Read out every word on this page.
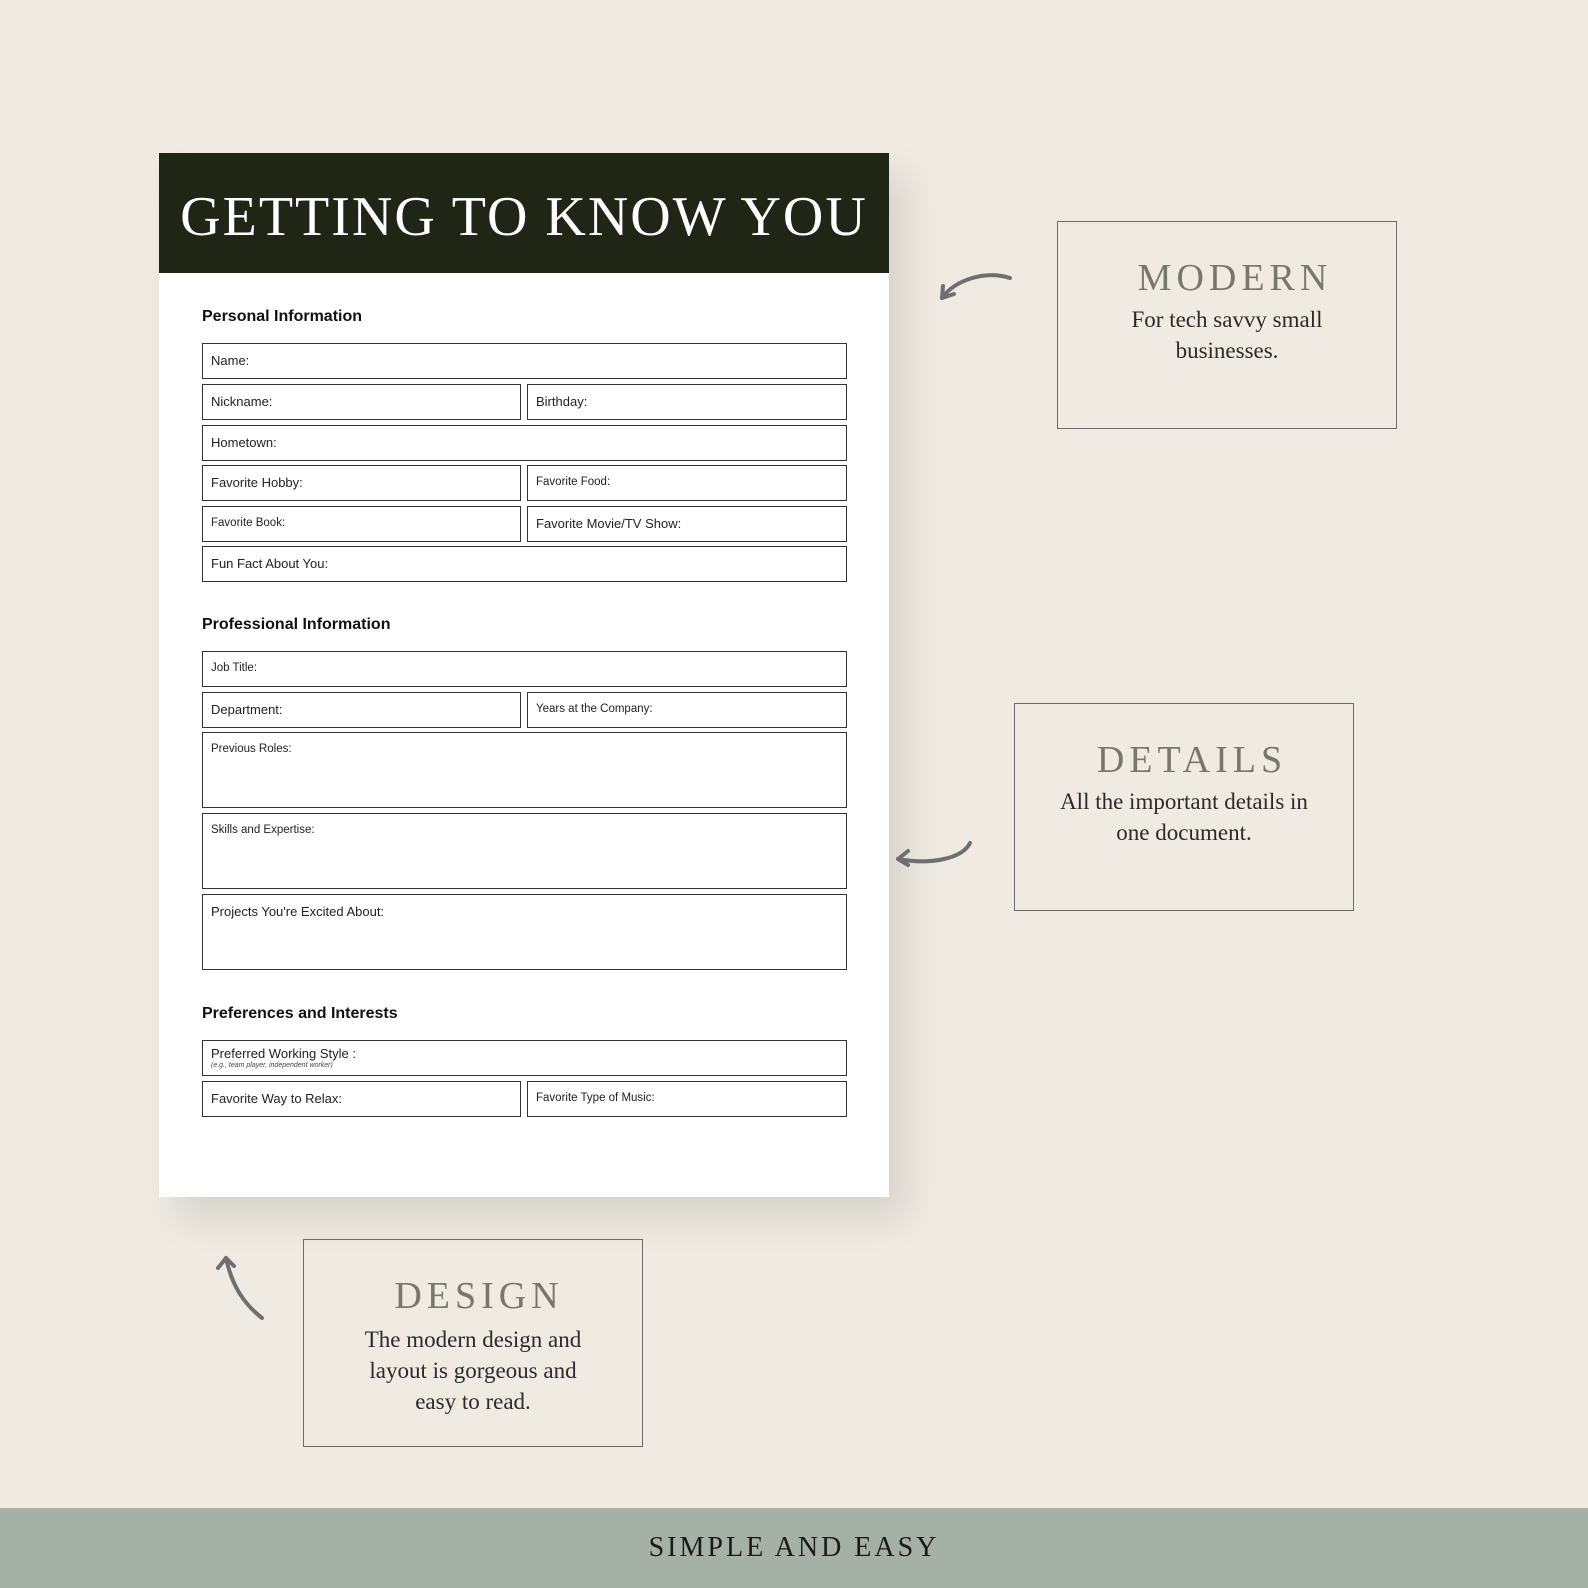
GETTING TO KNOW YOU
Personal Information
Name:
Nickname:	Birthday:
Hometown:
Favorite Hobby:	Favorite Food:
Favorite Book:	Favorite Movie/TV Show:
Fun Fact About You:
Professional Information
Job Title:
Department:	Years at the Company:
Previous Roles:
Skills and Expertise:
Projects You're Excited About:
Preferences and Interests
Preferred Working Style :
(e.g., team player, independent worker)
Favorite Way to Relax:	Favorite Type of Music:
MODERN
For tech savvy small
businesses.
DETAILS
All the important details in
one document.
DESIGN
The modern design and
layout is gorgeous and
easy to read.
SIMPLE AND EASY
